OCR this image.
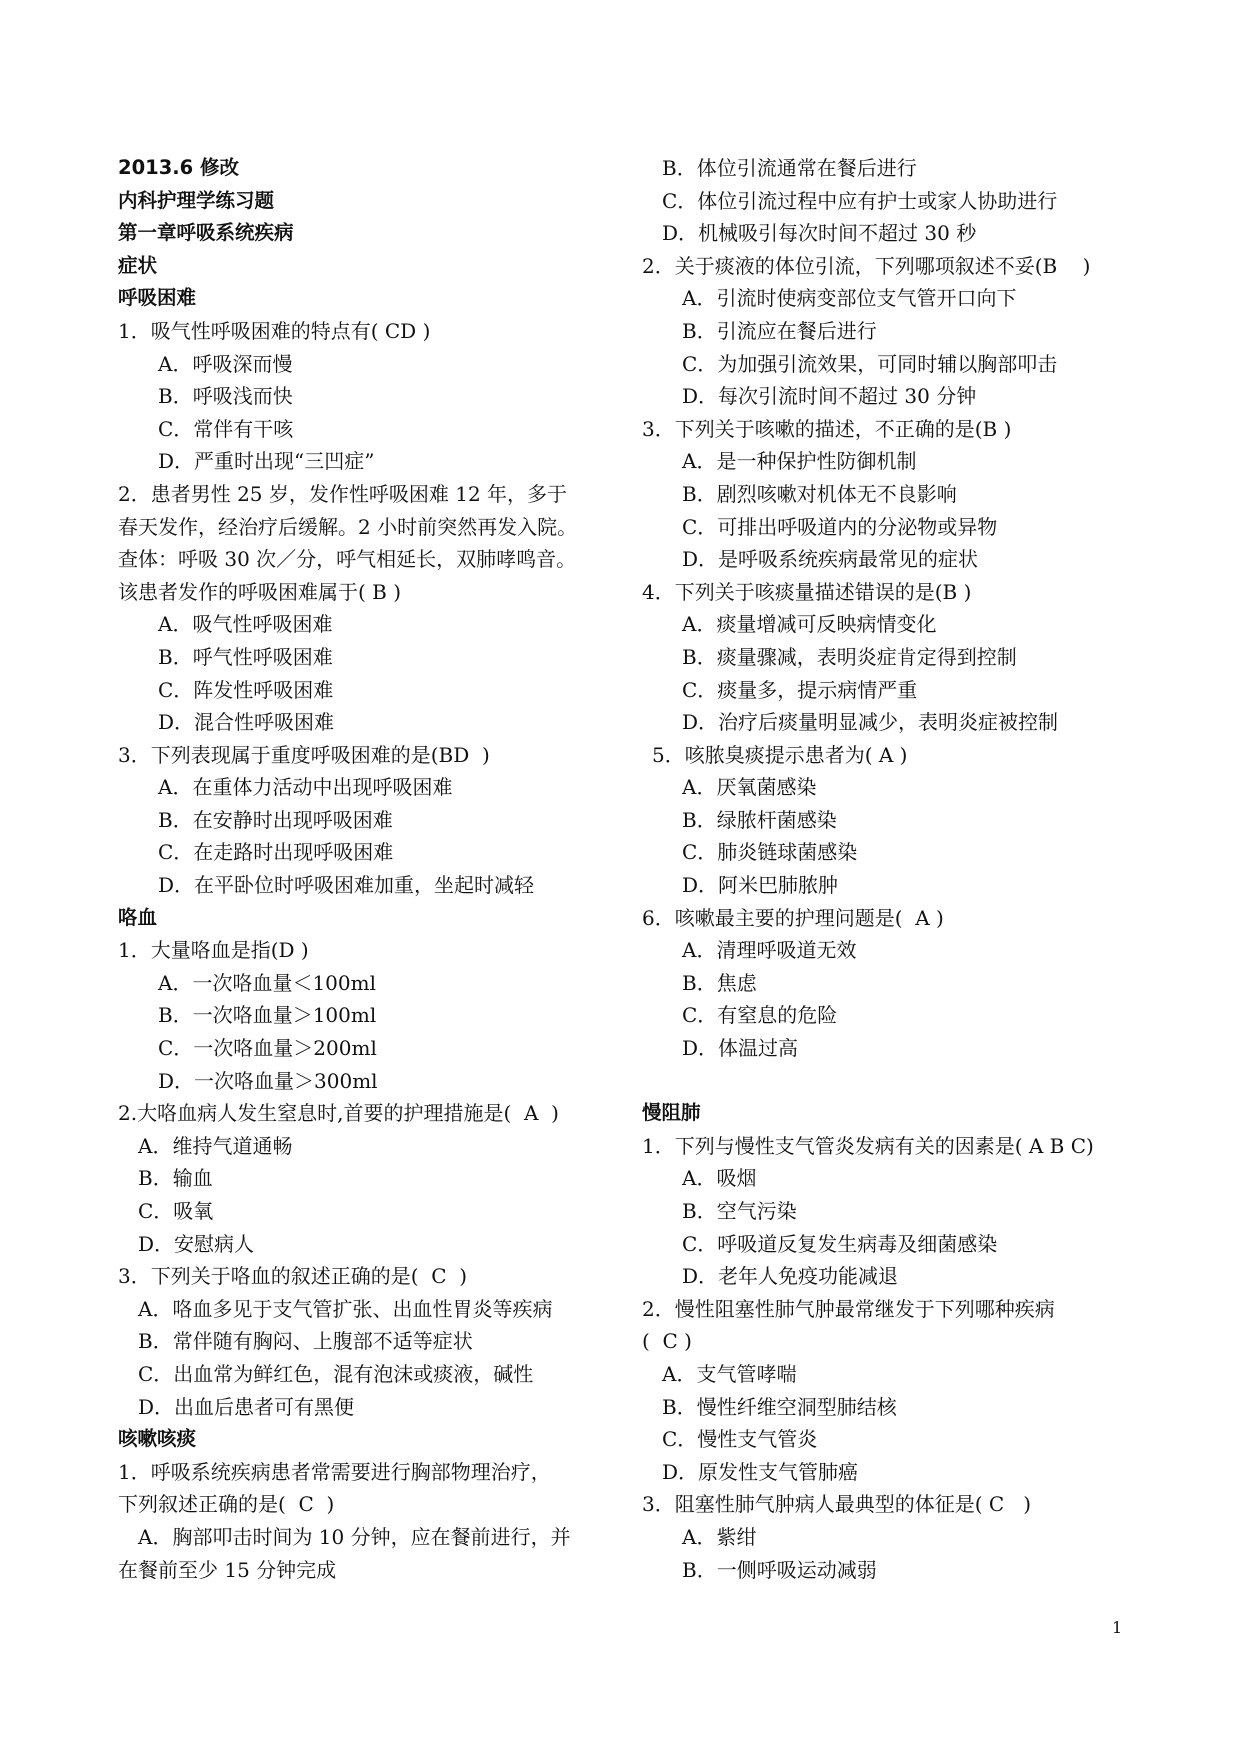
2013.6 修改
内科护理学练习题
第一章呼吸系统疾病
症状
呼吸困难
1．吸气性呼吸困难的特点有( CD )
A．呼吸深而慢
B．呼吸浅而快
C．常伴有干咳
D．严重时出现“三凹症”
2．患者男性 25 岁，发作性呼吸困难 12 年，多于
春天发作，经治疗后缓解。2 小时前突然再发入院。
查体：呼吸 30 次／分，呼气相延长，双肺哮鸣音。
该患者发作的呼吸困难属于( B )
A．吸气性呼吸困难
B．呼气性呼吸困难
C．阵发性呼吸困难
D．混合性呼吸困难
3．下列表现属于重度呼吸困难的是(BD  )
A．在重体力活动中出现呼吸困难
B．在安静时出现呼吸困难
C．在走路时出现呼吸困难
D．在平卧位时呼吸困难加重，坐起时减轻
咯血
1．大量咯血是指(D )
A．一次咯血量＜100ml
B．一次咯血量＞100ml
C．一次咯血量＞200ml
D．一次咯血量＞300ml
2.大咯血病人发生窒息时,首要的护理措施是(  A  )
A．维持气道通畅
B．输血
C．吸氧
D．安慰病人
3．下列关于咯血的叙述正确的是(  C  )
A．咯血多见于支气管扩张、出血性胃炎等疾病
B．常伴随有胸闷、上腹部不适等症状
C．出血常为鲜红色，混有泡沫或痰液，碱性
D．出血后患者可有黑便
咳嗽咳痰
1．呼吸系统疾病患者常需要进行胸部物理治疗，
下列叙述正确的是(  C  )
A．胸部叩击时间为 10 分钟，应在餐前进行，并
在餐前至少 15 分钟完成
B．体位引流通常在餐后进行
C．体位引流过程中应有护士或家人协助进行
D．机械吸引每次时间不超过 30 秒
2．关于痰液的体位引流，下列哪项叙述不妥(B    )
A．引流时使病变部位支气管开口向下
B．引流应在餐后进行
C．为加强引流效果，可同时辅以胸部叩击
D．每次引流时间不超过 30 分钟
3．下列关于咳嗽的描述，不正确的是(B )
A．是一种保护性防御机制
B．剧烈咳嗽对机体无不良影响
C．可排出呼吸道内的分泌物或异物
D．是呼吸系统疾病最常见的症状
4．下列关于咳痰量描述错误的是(B )
A．痰量增减可反映病情变化
B．痰量骤减，表明炎症肯定得到控制
C．痰量多，提示病情严重
D．治疗后痰量明显减少，表明炎症被控制
5．咳脓臭痰提示患者为( A )
A．厌氧菌感染
B．绿脓杆菌感染
C．肺炎链球菌感染
D．阿米巴肺脓肿
6．咳嗽最主要的护理问题是(  A )
A．清理呼吸道无效
B．焦虑
C．有窒息的危险
D．体温过高
慢阻肺
1．下列与慢性支气管炎发病有关的因素是( A B C)
A．吸烟
B．空气污染
C．呼吸道反复发生病毒及细菌感染
D．老年人免疫功能减退
2．慢性阻塞性肺气肿最常继发于下列哪种疾病
(  C )
A．支气管哮喘
B．慢性纤维空洞型肺结核
C．慢性支气管炎
D．原发性支气管肺癌
3．阻塞性肺气肿病人最典型的体征是( C   )
A．紫绀
B．一侧呼吸运动减弱
1
